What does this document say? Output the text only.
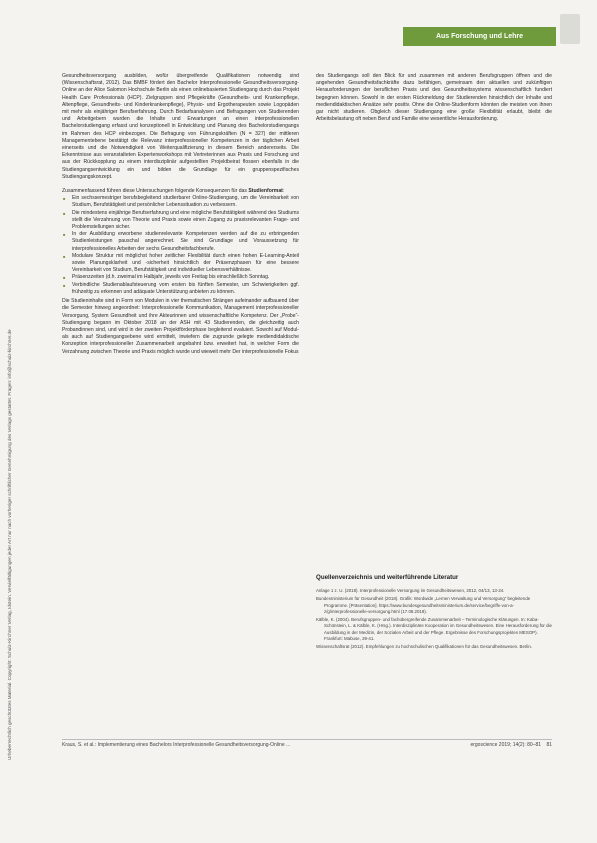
Aus Forschung und Lehre
Urheberrechtlich geschütztes Material. Copyright: Schulz-Kirchner Verlag, Idstein. Vervielfältigungen jeder Art nur nach vorheriger schriftlicher Genehmigung des Verlags gestattet. Fragen: info@schulz-kirchner.de

Gesundheitsversorgung ausbilden, wofür übergreifende Qualifikationen notwendig sind (Wissenschaftsrat, 2012). Das BMBF fördert den Bachelor Interprofessionelle Gesundheitsversorgung-Online an der Alice Salomon Hochschule Berlin als einen onlinebasierten Studiengang durch das Projekt Health Care Professionals (HCP). Zielgruppen sind Pflegekräfte (Gesundheits- und Krankenpflege, Altenpflege, Gesundheits- und Kinderkrankenpflege), Physio- und Ergotherapeuten sowie Logopäden mit mehr als einjähriger Berufserfahrung. Durch Bedarfsanalysen und Befragungen von Studierenden und Arbeitgebern wurden die Inhalte und Erwartungen an einen interprofessionellen Bachelorstudiengang erfasst und konzeptionell in Entwicklung und Planung des Bachelorstudiengangs im Rahmen des HCP einbezogen. Die Befragung von Führungskräften (N = 327) der mittleren Managementebene bestätigt die Relevanz interprofessioneller Kompetenzen in der täglichen Arbeit einerseits und die Notwendigkeit von Weiterqualifizierung in diesem Bereich andererseits. Die Erkenntnisse aus veranstalteten Expertenworkshops mit Vertreterinnen aus Praxis und Forschung und aus der Rückkopplung zu einem interdisziplinär aufgestellten Projektbeirat flossen ebenfalls in die Studiengangsentwicklung ein und bilden die Grundlage für ein gruppenspezifisches Studiengangskonzept.

Zusammenfassend führen diese Untersuchungen folgende Konsequenzen für das Studienformat:

■ Ein sechssemestriger berufsbegleitend studierbarer Online-Studiengang, um die Vereinbarkeit von Studium, Berufstätigkeit und persönlicher Lebenssituation zu verbessern.
■ Die mindestens einjährige Berufserfahrung und eine mögliche Berufstätigkeit während des Studiums stellt die Verzahnung von Theorie und Praxis sowie einen Zugang zu praxisrelevanten Frage- und Problemstellungen sicher.
■ In der Ausbildung erworbene studienrelevante Kompetenzen werden auf die zu erbringenden Studienleistungen pauschal angerechnet. Sie sind Grundlage und Voraussetzung für interprofessionelles Arbeiten der sechs Gesundheitsfachberufe.
■ Modulare Struktur mit möglichst hoher zeitlicher Flexibilität durch einen hohen E-Learning-Anteil sowie Planungsklarheit und -sicherheit hinsichtlich der Präsenzphasen für eine bessere Vereinbarkeit von Studium, Berufstätigkeit und individueller Lebensverhältnisse.
■ Präsenzzeiten (d.h. zweimal im Halbjahr, jeweils von Freitag bis einschließlich Sonntag.
■ Verbindliche Studienablaufsteuerung vom ersten bis fünften Semester, um Schwierigkeiten ggf. frühzeitig zu erkennen und adäquate Unterstützung anbieten zu können.

Die Studieninhalte sind in Form von Modulen in vier thematischen Strängen aufeinander aufbauend über die Semester hinweg angeordnet: Interprofessionelle Kommunikation, Management interprofessioneller Versorgung, System Gesundheit und ihre Akteurinnen und wissenschaftliche Kompetenz. Der „Probe“-Studiengang begann im Oktober 2018 an der ASH mit 43 Studierenden, die gleichzeitig auch Probandinnen sind, und wird in der zweiten Projektförderphase begleitend evaluiert. Sowohl auf Modul- als auch auf Studiengangsebene wird ermittelt, inwiefern die zugrunde gelegte mediendidaktische Konzeption interprofessioneller Zusammenarbeit angebahnt bzw. erweitert hat, in welcher Form die Verzahnung zwischen Theorie und Praxis möglich wurde und wieweit mehr Der interprofessionelle Fokus

des Studiengangs soll den Blick für und zusammen mit anderen Berufsgruppen öffnen und die angehenden Gesundheitsfachkräfte dazu befähigen, gemeinsam den aktuellen und zukünftigen Herausforderungen der beruflichen Praxis und des Gesundheitssystems wissenschaftlich fundiert begegnen können. Sowohl in der ersten Rückmeldung der Studierenden hinsichtlich der Inhalte und mediendidaktischen Ansätze sehr positiv. Ohne die Online-Studienform könnten die meisten von ihnen gar nicht studieren. Obgleich dieser Studiengang eine große Flexibilität erlaubt, bleibt die Arbeitsbelastung oft neben Beruf und Familie eine wesentliche Herausforderung.

Quellenverzeichnis und weiterführende Literatur

Anlage 1 z. U. (2018). Interprofessionelle Versorgung im Gesundheitswesen, 2012, 04/13, 13-24.

Bundesministerium für Gesundheit (2018). Grafik: Wordwide „Lernen Verwaltung und Versorgung“ begleitende Programme. [Präsentation]. https://www.bundesgesundheitsministerium.de/service/begriffe-von-a-z/g/interprofessionelle-versorgung.html (17.08.2018).

Kälble, K. (2004). Berufsgruppen- und fachübergreifende Zusammenarbeit – Terminologische Klärungen. In: Kaba-Schönstein, L. & Kälble, K. (Hrsg.). Interdisziplinäre Kooperation im Gesundheitswesen. Eine Herausforderung für die Ausbildung in der Medizin, der Sozialen Arbeit und der Pflege. Ergebnisse des Forschungsprojektes MESOP). Frankfurt: Mabuse, 29-41.

Wissenschaftsrat (2012). Empfehlungen zu hochschulischen Qualifikationen für das Gesundheitswesen. Berlin.

Kraus, S. et al.: Implementierung eines Bachelors Interprofessionelle Gesundheitsversorgung-Online ...	ergoscience 2019; 14(2): 80–81 81
